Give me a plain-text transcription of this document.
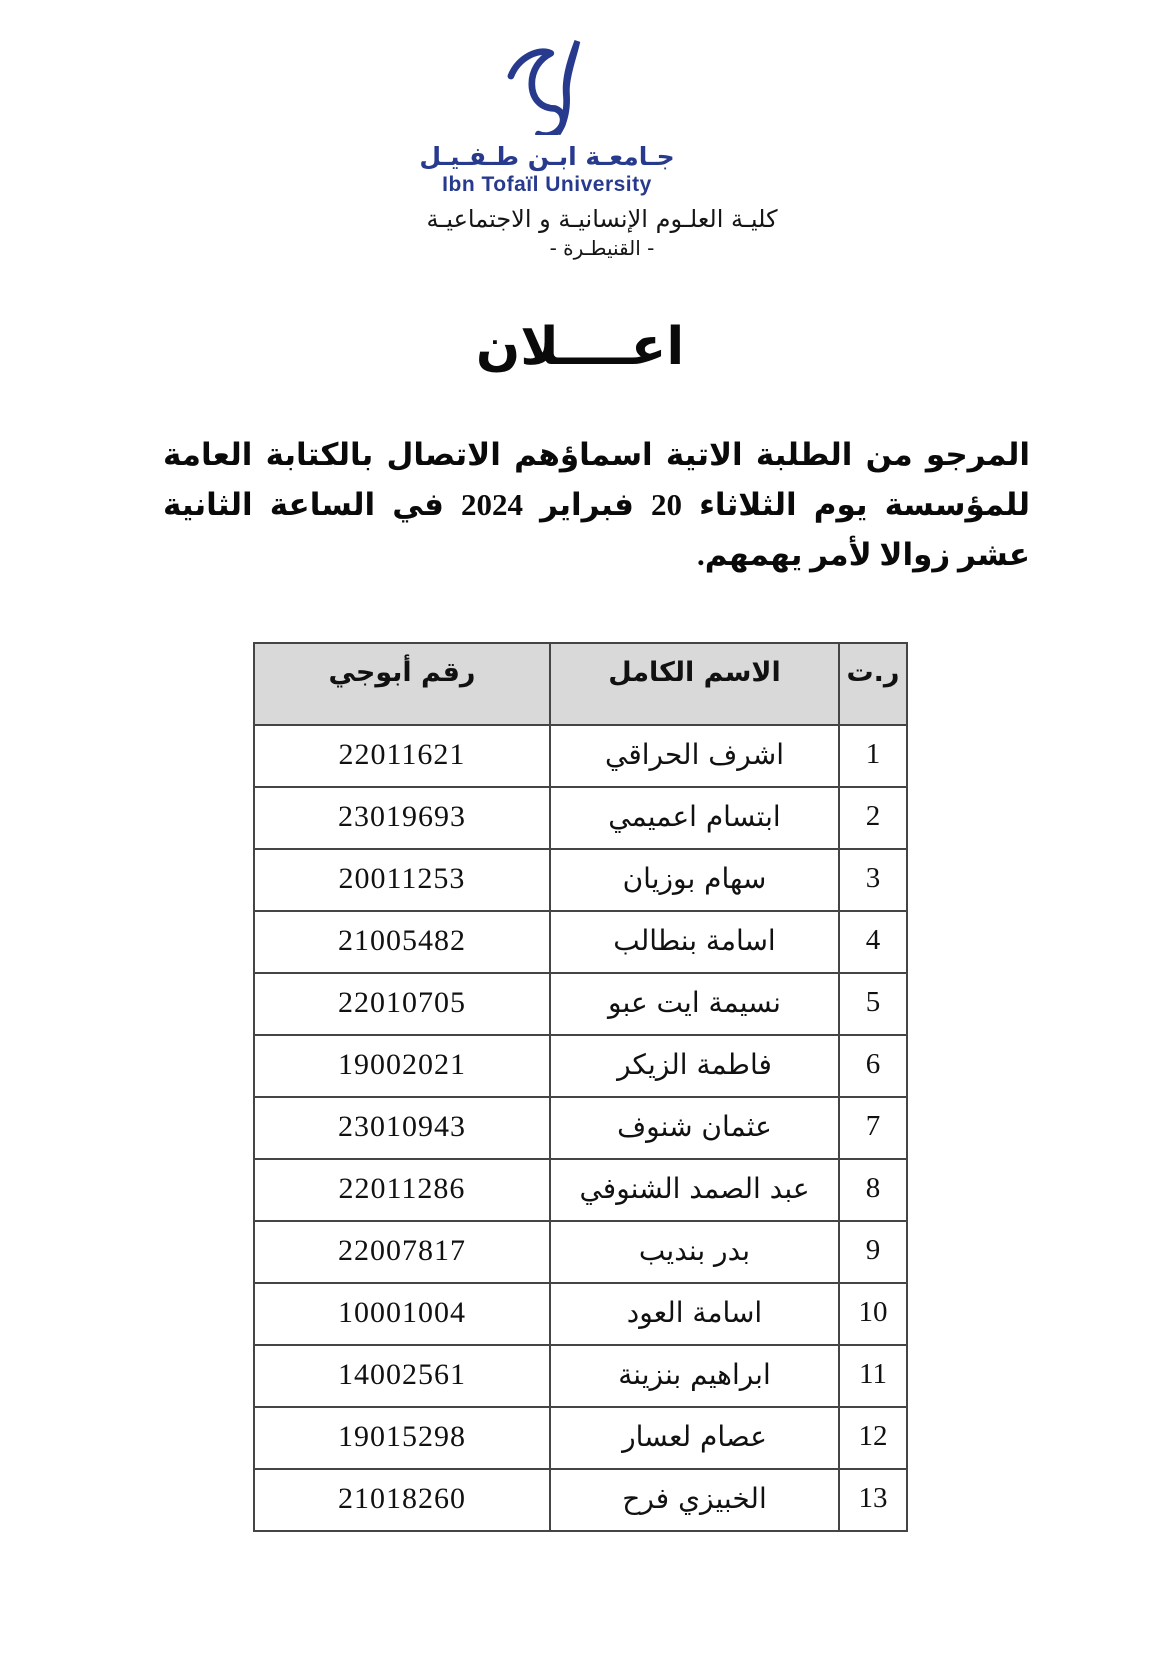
جـامعـة ابـن طـفـيـل
Ibn Tofaïl University
كليـة العلـوم الإنسانيـة و الاجتماعيـة
- القنيطـرة -
اعــــلان

المرجو من الطلبة الاتية اسماؤهم الاتصال بالكتابة العامة للمؤسسة يوم الثلاثاء 20 فبراير 2024 في الساعة الثانية عشر زوالا لأمر يهمهم.

ر.ت	الاسم الكامل	رقم أبوجي
1	اشرف الحراقي	22011621
2	ابتسام اعميمي	23019693
3	سهام بوزيان	20011253
4	اسامة بنطالب	21005482
5	نسيمة ايت عبو	22010705
6	فاطمة الزيكر	19002021
7	عثمان شنوف	23010943
8	عبد الصمد الشنوفي	22011286
9	بدر بنديب	22007817
10	اسامة العود	10001004
11	ابراهيم بنزينة	14002561
12	عصام لعسار	19015298
13	الخبيزي فرح	21018260
